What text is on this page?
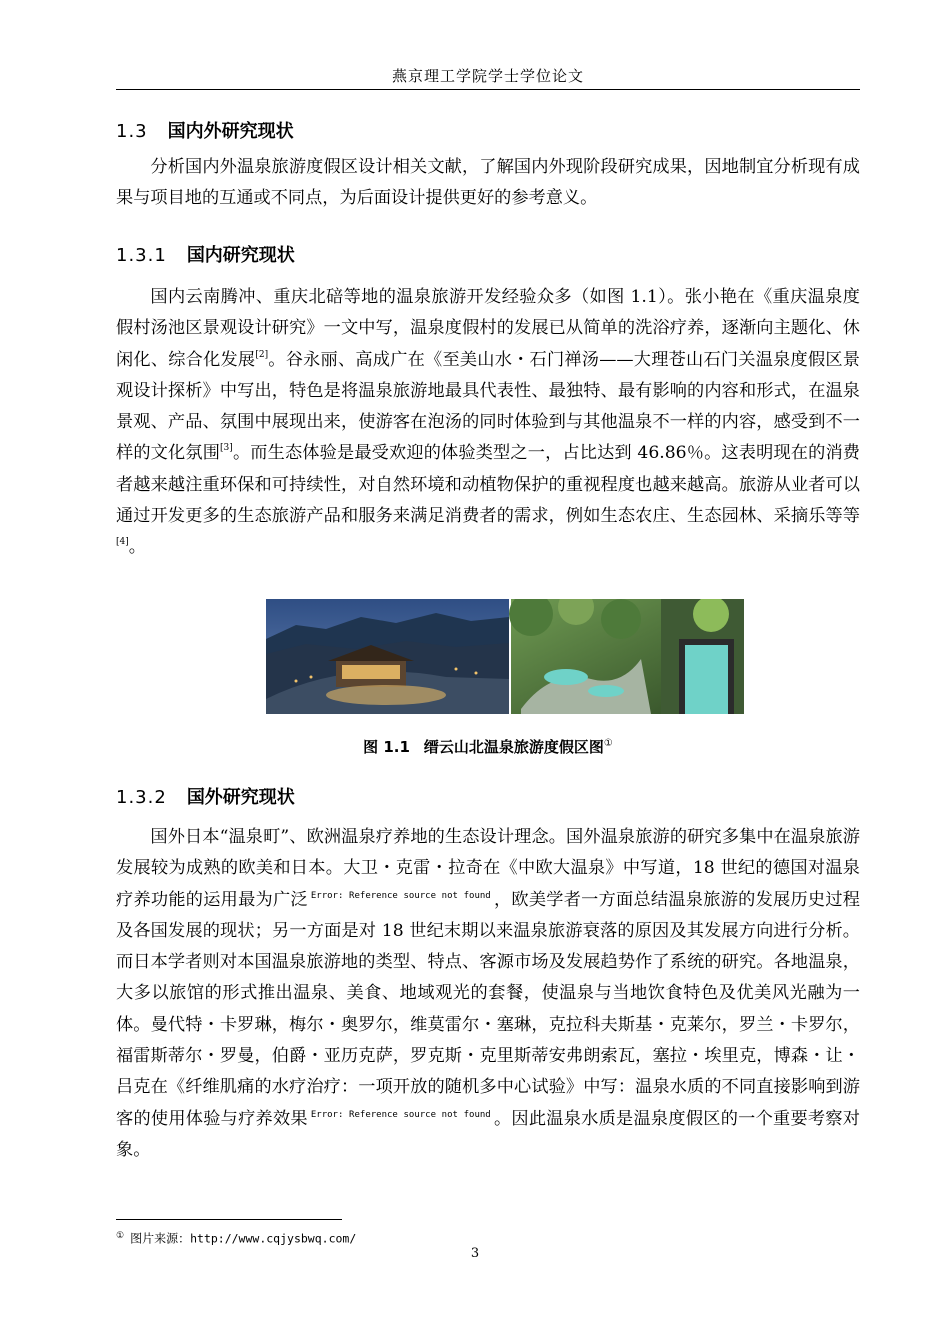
燕京理工学院学士学位论文
1.3 国内外研究现状

分析国内外温泉旅游度假区设计相关文献，了解国内外现阶段研究成果，因地制宜分析现有成果与项目地的互通或不同点，为后面设计提供更好的参考意义。

1.3.1 国内研究现状

国内云南腾冲、重庆北碚等地的温泉旅游开发经验众多（如图 1.1）。张小艳在《重庆温泉度假村汤池区景观设计研究》一文中写，温泉度假村的发展已从简单的洗浴疗养，逐渐向主题化、休闲化、综合化发展[2]。谷永丽、高成广在《至美山水・石门禅汤——大理苍山石门关温泉度假区景观设计探析》中写出，特色是将温泉旅游地最具代表性、最独特、最有影响的内容和形式，在温泉景观、产品、氛围中展现出来，使游客在泡汤的同时体验到与其他温泉不一样的内容，感受到不一样的文化氛围[3]。而生态体验是最受欢迎的体验类型之一，占比达到 46.86％。这表明现在的消费者越来越注重环保和可持续性，对自然环境和动植物保护的重视程度也越来越高。旅游从业者可以通过开发更多的生态旅游产品和服务来满足消费者的需求，例如生态农庄、生态园林、采摘乐等等[4]。

图 1.1 缙云山北温泉旅游度假区图①
1.3.2 国外研究现状

国外日本“温泉町”、欧洲温泉疗养地的生态设计理念。国外温泉旅游的研究多集中在温泉旅游发展较为成熟的欧美和日本。大卫・克雷・拉奇在《中欧大温泉》中写道，18 世纪的德国对温泉疗养功能的运用最为广泛 $^{Error: Reference source not found}$ ，欧美学者一方面总结温泉旅游的发展历史过程及各国发展的现状；另一方面是对 18 世纪末期以来温泉旅游衰落的原因及其发展方向进行分析。而日本学者则对本国温泉旅游地的类型、特点、客源市场及发展趋势作了系统的研究。各地温泉，大多以旅馆的形式推出温泉、美食、地域观光的套餐，使温泉与当地饮食特色及优美风光融为一体。曼代特・卡罗琳，梅尔・奥罗尔，维莫雷尔・塞琳，克拉科夫斯基・克莱尔，罗兰・卡罗尔，福雷斯蒂尔・罗曼，伯爵・亚历克萨，罗克斯・克里斯蒂安弗朗索瓦，塞拉・埃里克，博森・让・吕克在《纤维肌痛的水疗治疗：一项开放的随机多中心试验》中写：温泉水质的不同直接影响到游客的使用体验与疗养效果 $^{Error: Reference source not found}$ 。因此温泉水质是温泉度假区的一个重要考察对象。

① 图片来源：http://www.cqjysbwq.com/
3
